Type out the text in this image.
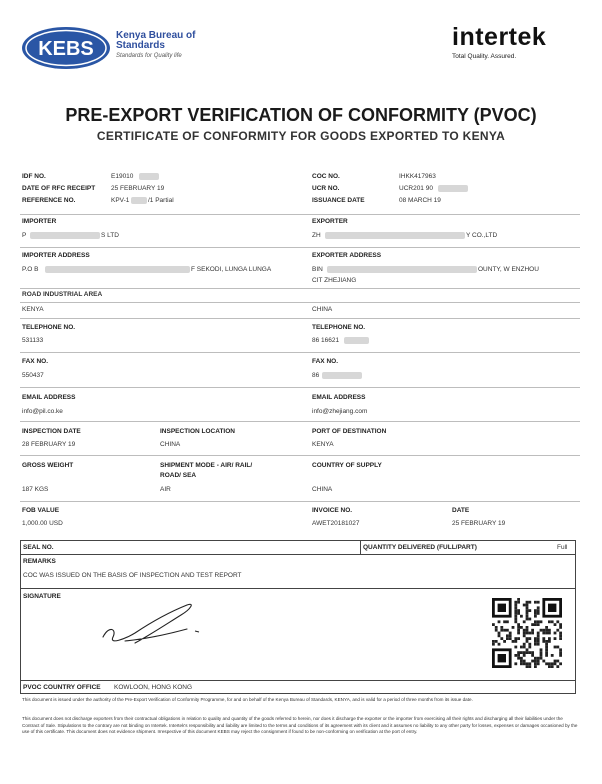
KEBS
Kenya Bureau of
Standards
Standards for Quality life
intertek
Total Quality. Assured.
PRE-EXPORT VERIFICATION OF CONFORMITY (PVOC)
CERTIFICATE OF CONFORMITY FOR GOODS EXPORTED TO KENYA
IDF NO.	E19010
DATE OF RFC RECEIPT 25 FEBRUARY 19
REFERENCE NO.	KPV-1	/1 Partial
COC NO.	IHKK417963
UCR NO.	UCR201 90
ISSUANCE DATE	08 MARCH 19
IMPORTER
P	S LTD
EXPORTER
ZH	Y CO.,LTD
IMPORTER ADDRESS
P.O B	F SEKODI, LUNGA LUNGA
EXPORTER ADDRESS
BIN	OUNTY, W ENZHOU
CIT ZHEJIANG
ROAD INDUSTRIAL AREA
KENYA	CHINA
TELEPHONE NO.
531133
TELEPHONE NO.
86 16621
FAX NO.
550437
FAX NO.
86
EMAIL ADDRESS
info@pil.co.ke
EMAIL ADDRESS
info@zhejiang.com
INSPECTION DATE
28 FEBRUARY 19
INSPECTION LOCATION
CHINA
PORT OF DESTINATION
KENYA
GROSS WEIGHT
187 KGS
SHIPMENT MODE - AIR/ RAIL/
ROAD/ SEA
AIR
COUNTRY OF SUPPLY
CHINA
FOB VALUE
1,000.00 USD
INVOICE NO.
AWET20181027
DATE
25 FEBRUARY 19
SEAL NO.	QUANTITY DELIVERED (FULL/PART)	Full
REMARKS
COC WAS ISSUED ON THE BASIS OF INSPECTION AND TEST REPORT
SIGNATURE
PVOC COUNTRY OFFICE KOWLOON, HONG KONG
This document is issued under the authority of the Pre-Export Verification of Conformity Programme, for and on behalf of the Kenya Bureau of Standards, KENYA, and is valid for a period of three months from its issue date.
This document does not discharge exporters from their contractual obligations in relation to quality and quantity of the goods referred to herein, nor does it discharge the exporter or the importer from exercising all their rights and discharging all their liabilities under the Contract of Sale. Stipulations to the contrary are not binding on Intertek. Intertek's responsibility and liability are limited to the terms and conditions of its agreement with its client and it assumes no liability to any other party for losses, expenses or damages occasioned by the use of this certificate. This document does not evidence shipment. Irrespective of this document KEBS may reject the consignment if found to be non-conforming on verification at the port of entry.
